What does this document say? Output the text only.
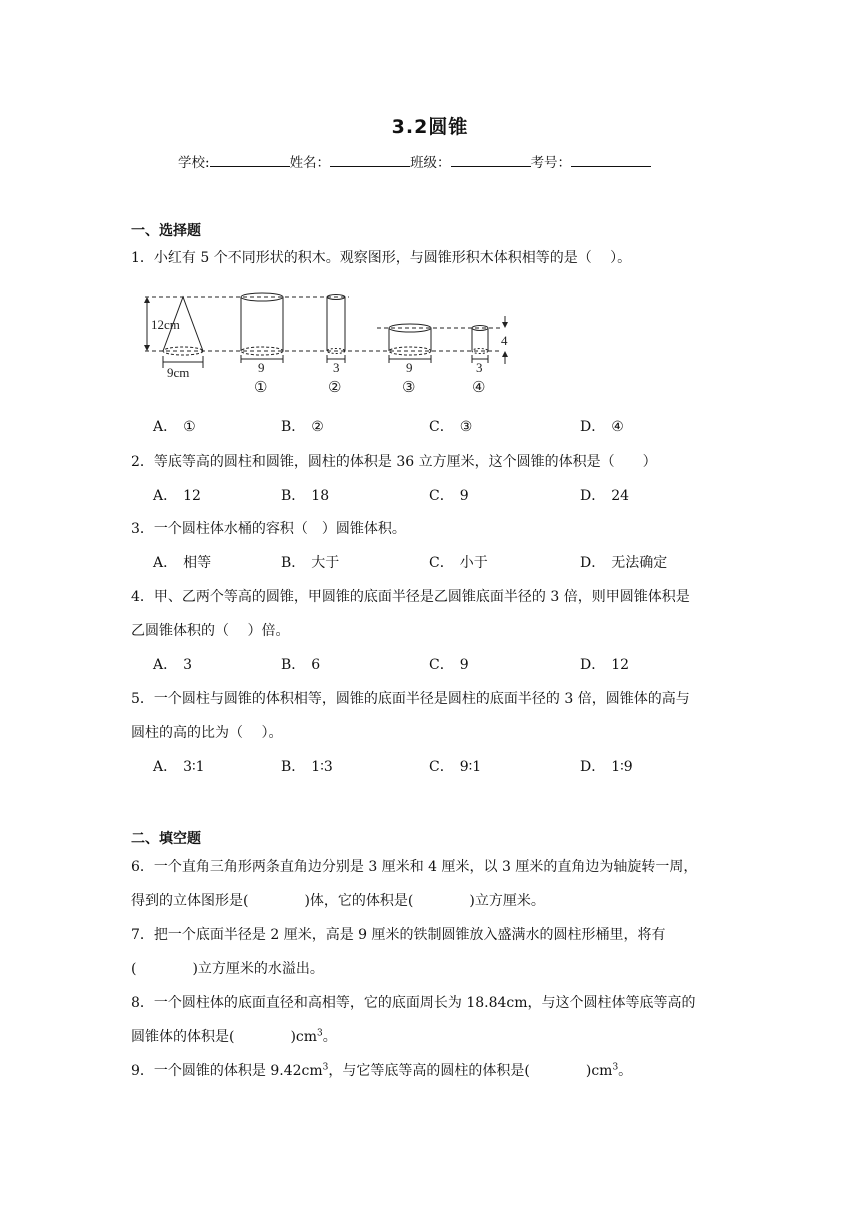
3.2圆锥
学校:	姓名：	班级：	考号：
一、选择题
1．小红有 5 个不同形状的积木。观察图形，与圆锥形积木体积相等的是（　 ）。
12cm
9cm	9	3	9	3
4
①	②	③	④
A． ①	B． ②	C． ③	D． ④
2．等底等高的圆柱和圆锥，圆柱的体积是 36 立方厘米，这个圆锥的体积是（　　）
A． 12	B． 18	C． 9	D． 24
3．一个圆柱体水桶的容积（　）圆锥体积。
A． 相等	B． 大于	C． 小于	D． 无法确定
4．甲、乙两个等高的圆锥，甲圆锥的底面半径是乙圆锥底面半径的 3 倍，则甲圆锥体积是
乙圆锥体积的（　 ）倍。
A． 3	B． 6	C． 9	D． 12
5．一个圆柱与圆锥的体积相等，圆锥的底面半径是圆柱的底面半径的 3 倍，圆锥体的高与
圆柱的高的比为（　 ）。
A． 3∶1	B． 1∶3	C． 9∶1	D． 1∶9
二、填空题
6．一个直角三角形两条直角边分别是 3 厘米和 4 厘米，以 3 厘米的直角边为轴旋转一周，
得到的立体图形是(　　　　)体，它的体积是(　　　　)立方厘米。
7．把一个底面半径是 2 厘米，高是 9 厘米的铁制圆锥放入盛满水的圆柱形桶里，将有
(　　　　)立方厘米的水溢出。
8．一个圆柱体的底面直径和高相等，它的底面周长为 18.84cm，与这个圆柱体等底等高的
圆锥体的体积是(　　　　)$cm^3$。
9．一个圆锥的体积是 $9.42cm^3$，与它等底等高的圆柱的体积是(　　　　)$cm^3$。
